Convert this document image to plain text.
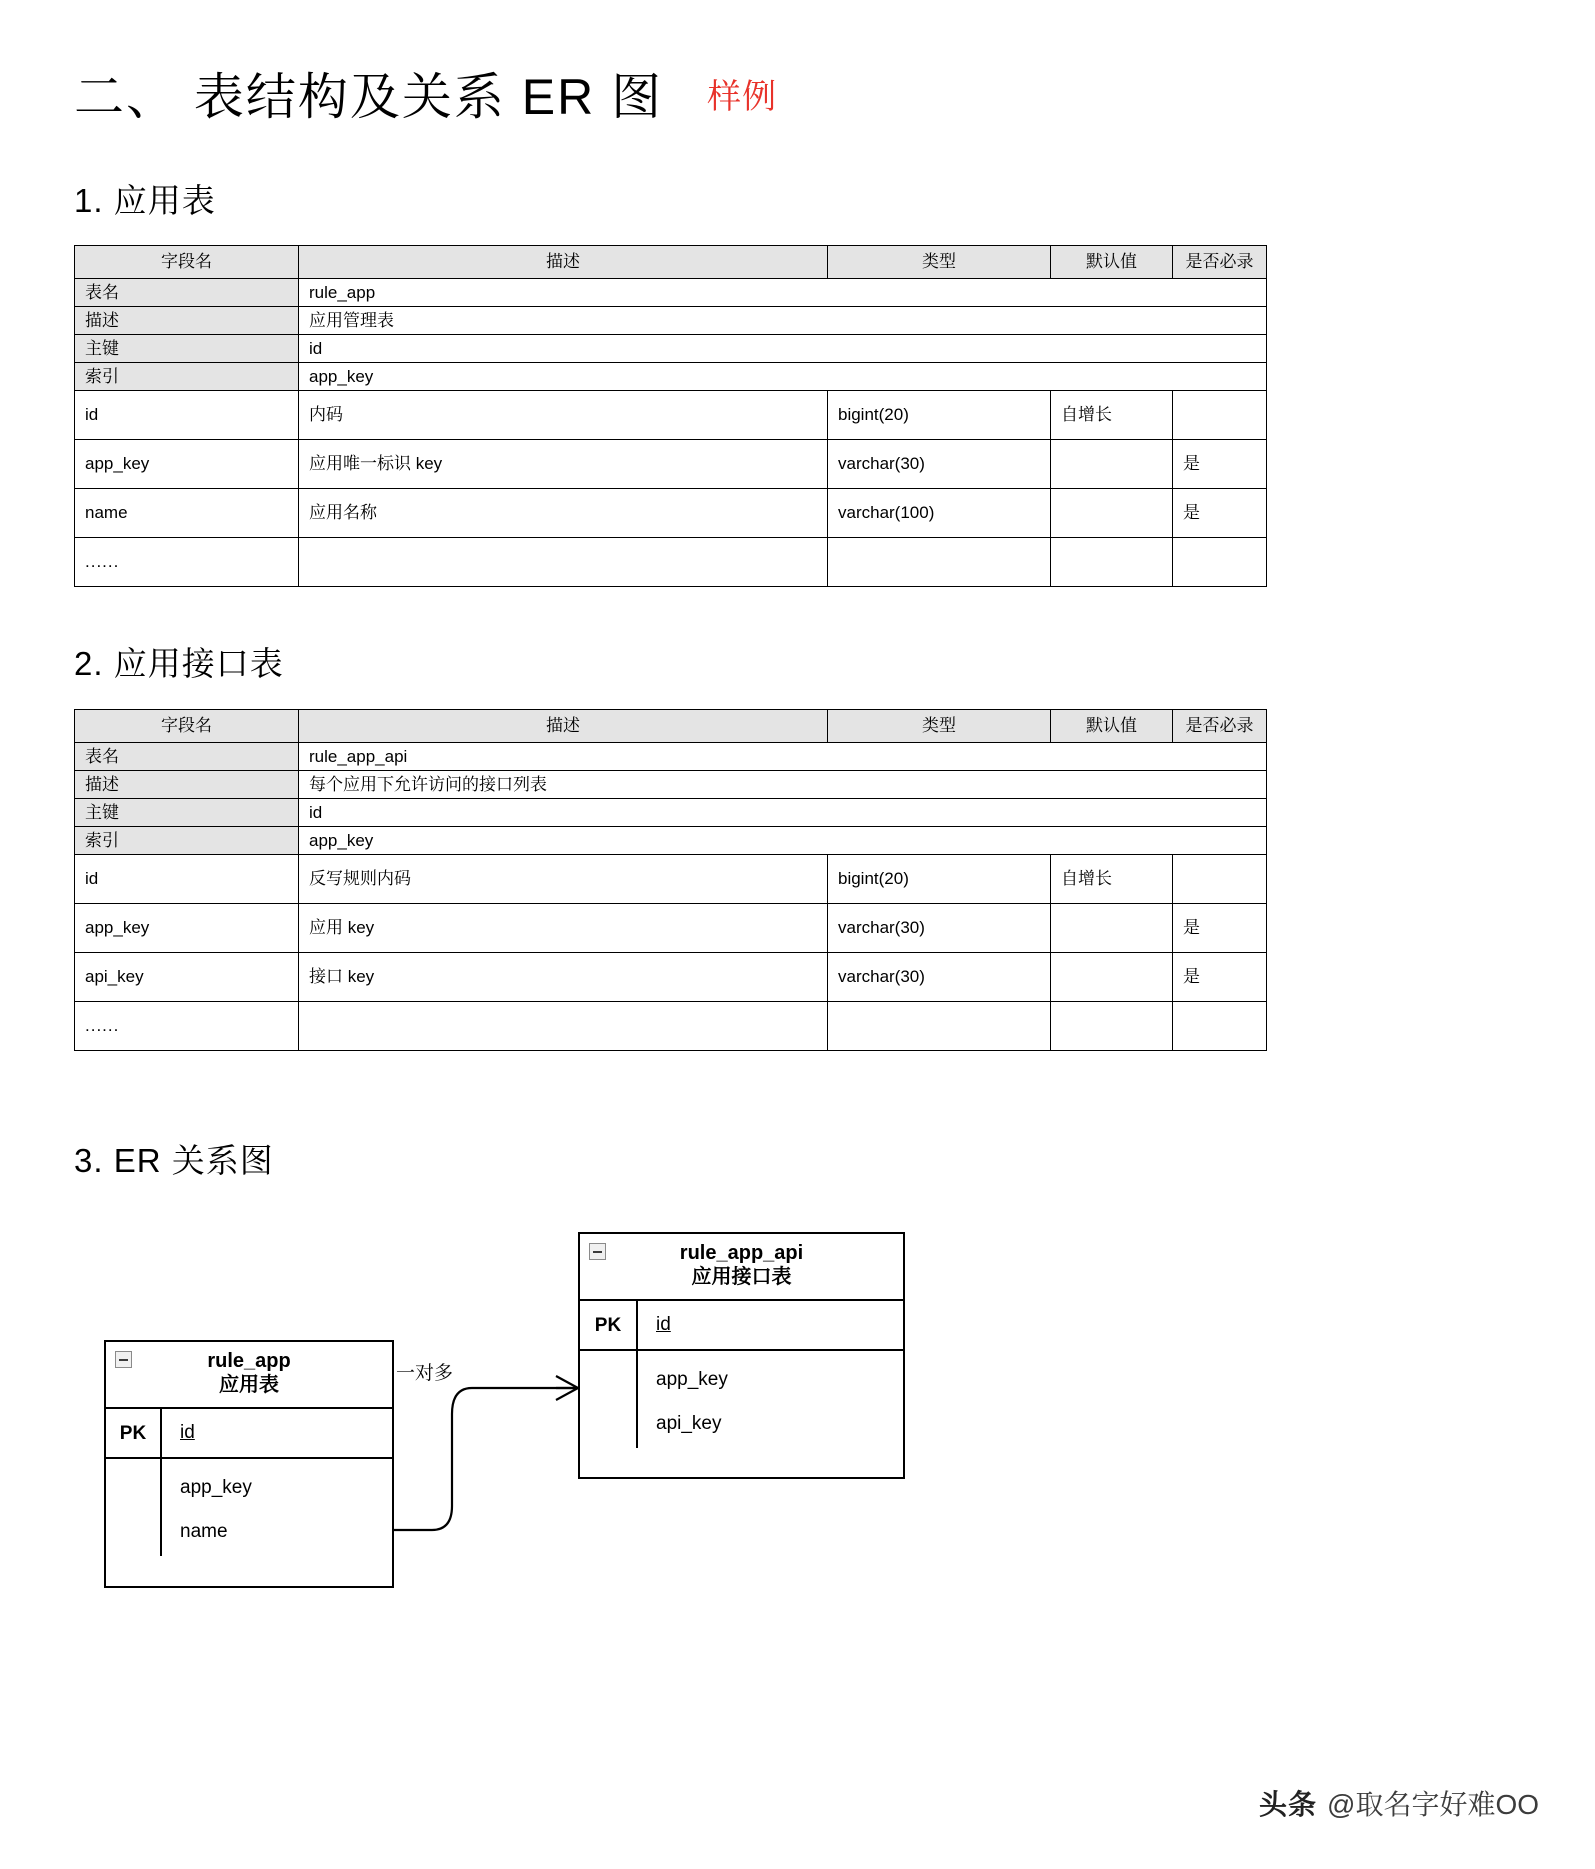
二、 表结构及关系 ER 图 样例
1. 应用表
表名	rule_app			
描述	应用管理表			
主键	id			
索引	app_key			
字段名	描述	类型	默认值	是否必录
id	内码	bigint(20)	自增长	
app_key	应用唯一标识 key	varchar(30)		是
name	应用名称	varchar(100)		是
......				
2. 应用接口表
表名	rule_app_api			
描述	每个应用下允许访问的接口列表			
主键	id			
索引	app_key			
字段名	描述	类型	默认值	是否必录
id	反写规则内码	bigint(20)	自增长	
app_key	应用 key	varchar(30)		是
api_key	接口 key	varchar(30)		是
......				
3. ER 关系图
rule_app
应用表
PK	id
app_key
name
一对多
rule_app_api
应用接口表
PK	id
app_key
api_key
头条 @取名字好难OO
